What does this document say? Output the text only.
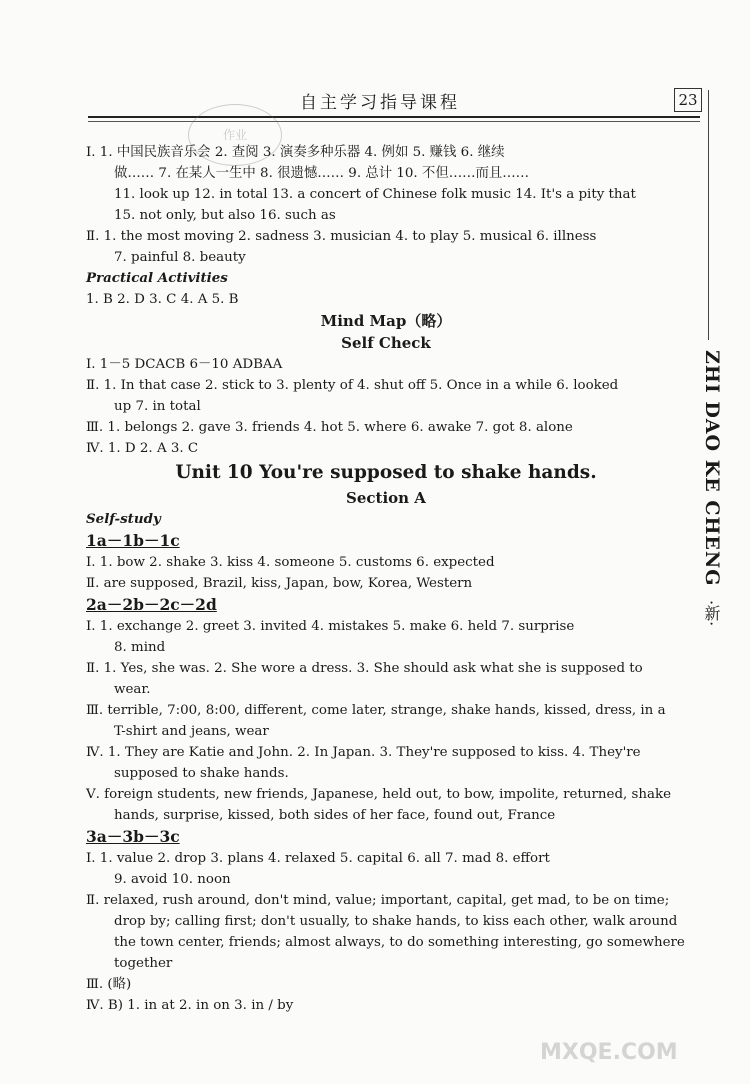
自主学习指导课程	23
作业
ZHI DAO KE CHENG
·新·
Ⅰ. 1. 中国民族音乐会 2. 查阅 3. 演奏多种乐器 4. 例如 5. 赚钱 6. 继续
做…… 7. 在某人一生中 8. 很遗憾…… 9. 总计 10. 不但……而且……
11. look up 12. in total 13. a concert of Chinese folk music 14. It's a pity that
15. not only, but also 16. such as
Ⅱ. 1. the most moving 2. sadness 3. musician 4. to play 5. musical 6. illness
7. painful 8. beauty
Practical Activities
1. B 2. D 3. C 4. A 5. B
Mind Map（略）
Self Check
Ⅰ. 1－5 DCACB 6－10 ADBAA
Ⅱ. 1. In that case 2. stick to 3. plenty of 4. shut off 5. Once in a while 6. looked
up 7. in total
Ⅲ. 1. belongs 2. gave 3. friends 4. hot 5. where 6. awake 7. got 8. alone
Ⅳ. 1. D 2. A 3. C
Unit 10 You're supposed to shake hands.
Section A
Self-study
1a－1b－1c
Ⅰ. 1. bow 2. shake 3. kiss 4. someone 5. customs 6. expected
Ⅱ. are supposed, Brazil, kiss, Japan, bow, Korea, Western
2a－2b－2c－2d
Ⅰ. 1. exchange 2. greet 3. invited 4. mistakes 5. make 6. held 7. surprise
8. mind
Ⅱ. 1. Yes, she was. 2. She wore a dress. 3. She should ask what she is supposed to
wear.
Ⅲ. terrible, 7:00, 8:00, different, come later, strange, shake hands, kissed, dress, in a
T-shirt and jeans, wear
Ⅳ. 1. They are Katie and John. 2. In Japan. 3. They're supposed to kiss. 4. They're
supposed to shake hands.
Ⅴ. foreign students, new friends, Japanese, held out, to bow, impolite, returned, shake
hands, surprise, kissed, both sides of her face, found out, France
3a－3b－3c
Ⅰ. 1. value 2. drop 3. plans 4. relaxed 5. capital 6. all 7. mad 8. effort
9. avoid 10. noon
Ⅱ. relaxed, rush around, don't mind, value; important, capital, get mad, to be on time;
drop by; calling first; don't usually, to shake hands, to kiss each other, walk around
the town center, friends; almost always, to do something interesting, go somewhere
together
Ⅲ. (略)
Ⅳ. B) 1. in at 2. in on 3. in / by
MXQE.COM
